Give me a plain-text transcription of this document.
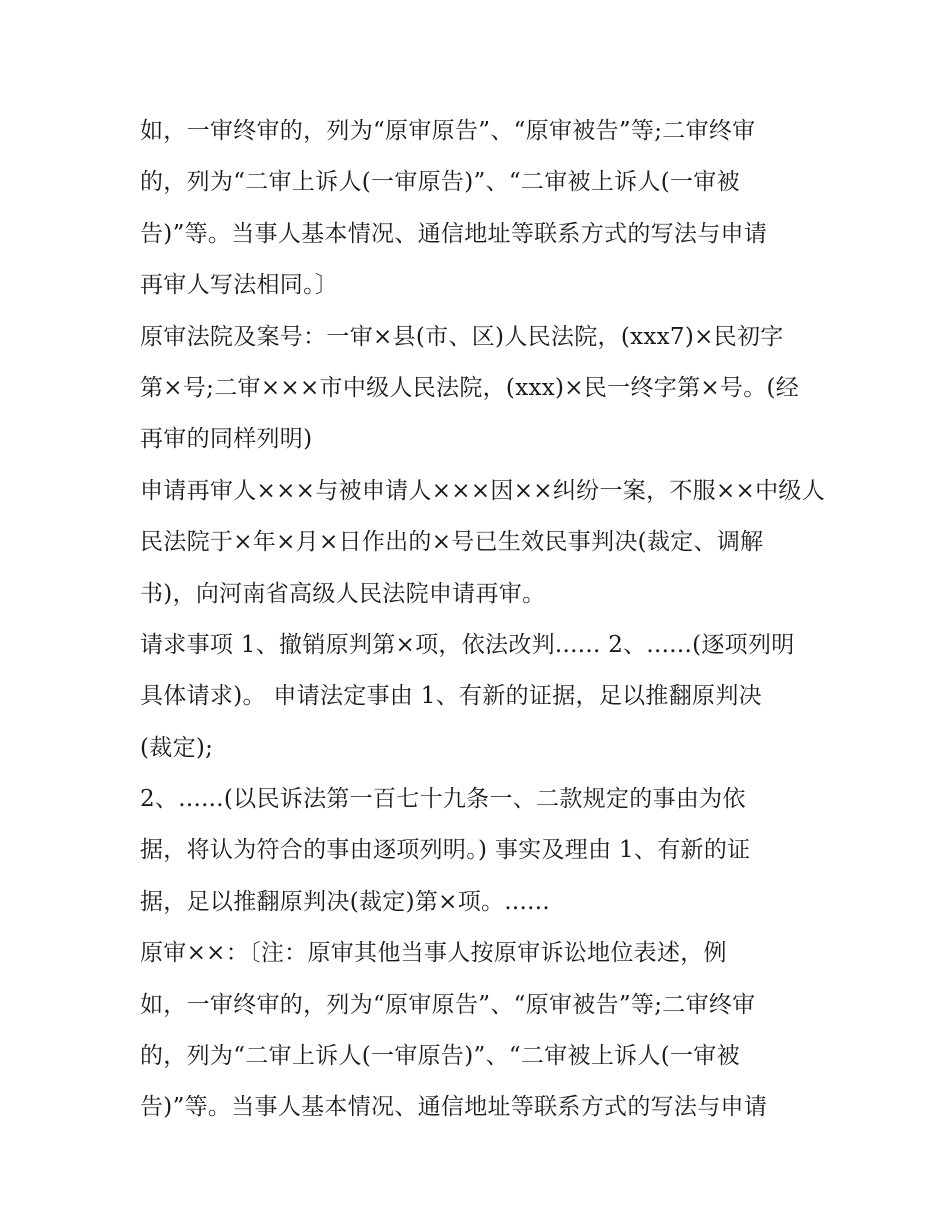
如，一审终审的，列为“原审原告”、“原审被告”等;二审终审
的，列为“二审上诉人(一审原告)”、“二审被上诉人(一审被
告)”等。当事人基本情况、通信地址等联系方式的写法与申请
再审人写法相同。〕
原审法院及案号：一审×县(市、区)人民法院，(xxx7)×民初字
第×号;二审×××市中级人民法院，(xxx)×民一终字第×号。(经
再审的同样列明)
申请再审人×××与被申请人×××因××纠纷一案，不服××中级人
民法院于×年×月×日作出的×号已生效民事判决(裁定、调解
书)，向河南省高级人民法院申请再审。
请求事项 1、撤销原判第×项，依法改判...... 2、......(逐项列明
具体请求)。 申请法定事由 1、有新的证据，足以推翻原判决
(裁定);
2、......(以民诉法第一百七十九条一、二款规定的事由为依
据，将认为符合的事由逐项列明。) 事实及理由 1、有新的证
据，足以推翻原判决(裁定)第×项。......
原审××：〔注：原审其他当事人按原审诉讼地位表述，例
如，一审终审的，列为“原审原告”、“原审被告”等;二审终审
的，列为“二审上诉人(一审原告)”、“二审被上诉人(一审被
告)”等。当事人基本情况、通信地址等联系方式的写法与申请
